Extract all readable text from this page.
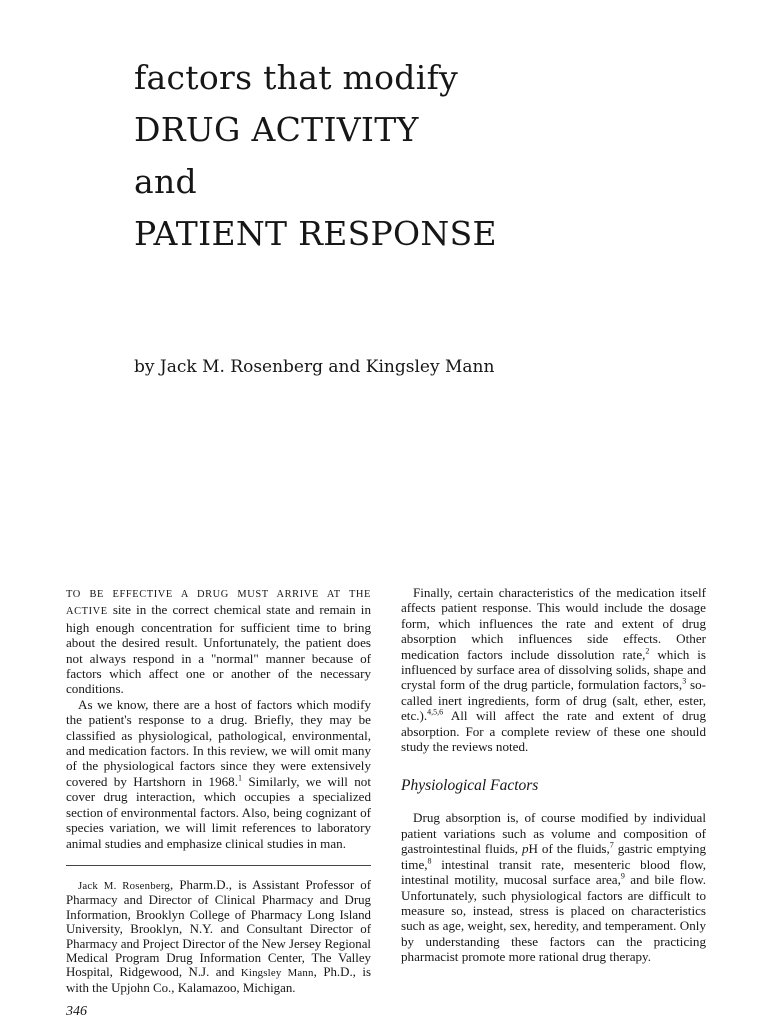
factors that modify
DRUG ACTIVITY
and
PATIENT RESPONSE
by Jack M. Rosenberg and Kingsley Mann

TO BE EFFECTIVE A DRUG MUST ARRIVE AT THE ACTIVE site in the correct chemical state and remain in high enough concentration for sufficient time to bring about the desired result. Unfortunately, the patient does not always respond in a "normal" manner because of factors which affect one or another of the necessary conditions.

As we know, there are a host of factors which modify the patient's response to a drug. Briefly, they may be classified as physiological, pathological, environmental, and medication factors. In this review, we will omit many of the physiological factors since they were extensively covered by Hartshorn in 1968.$^1$ Similarly, we will not cover drug interaction, which occupies a specialized section of environmental factors. Also, being cognizant of species variation, we will limit references to laboratory animal studies and emphasize clinical studies in man.

Jack M. Rosenberg, Pharm.D., is Assistant Professor of Pharmacy and Director of Clinical Pharmacy and Drug Information, Brooklyn College of Pharmacy Long Island University, Brooklyn, N.Y. and Consultant Director of Pharmacy and Project Director of the New Jersey Regional Medical Program Drug Information Center, The Valley Hospital, Ridgewood, N.J. and Kingsley Mann, Ph.D., is with the Upjohn Co., Kalamazoo, Michigan.

Finally, certain characteristics of the medication itself affects patient response. This would include the dosage form, which influences the rate and extent of drug absorption which influences side effects. Other medication factors include dissolution rate,$^2$ which is influenced by surface area of dissolving solids, shape and crystal form of the drug particle, formulation factors,$^3$ so-called inert ingredients, form of drug (salt, ether, ester, etc.).$^{4,5,6}$ All will affect the rate and extent of drug absorption. For a complete review of these one should study the reviews noted.

Physiological Factors

Drug absorption is, of course modified by individual patient variations such as volume and composition of gastrointestinal fluids, pH of the fluids,$^7$ gastric emptying time,$^8$ intestinal transit rate, mesenteric blood flow, intestinal motility, mucosal surface area,$^9$ and bile flow. Unfortunately, such physiological factors are difficult to measure so, instead, stress is placed on characteristics such as age, weight, sex, heredity, and temperament. Only by understanding these factors can the practicing pharmacist promote more rational drug therapy.

346
